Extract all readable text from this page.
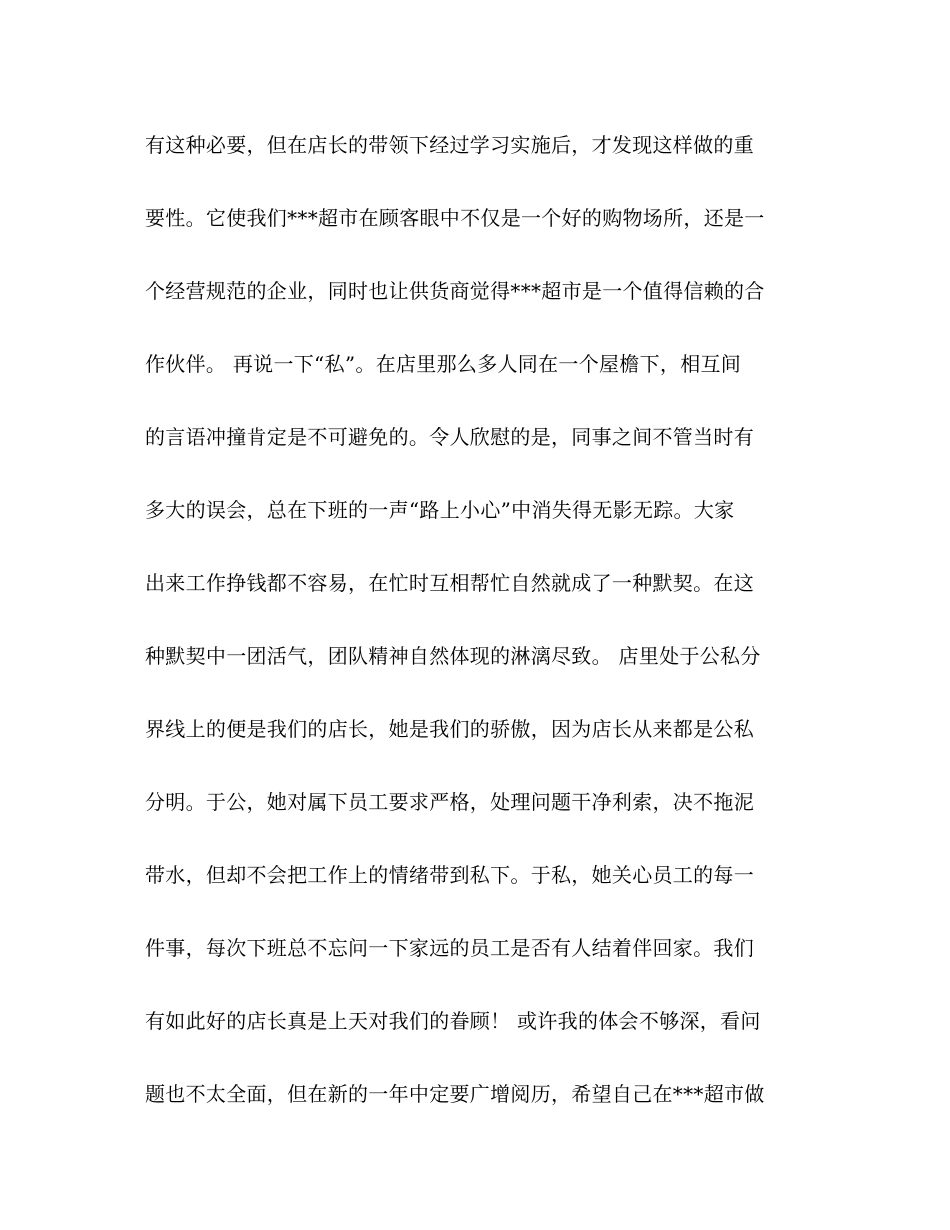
有这种必要，但在店长的带领下经过学习实施后，才发现这样做的重
要性。它使我们***超市在顾客眼中不仅是一个好的购物场所，还是一
个经营规范的企业，同时也让供货商觉得***超市是一个值得信赖的合
作伙伴。 再说一下“私”。在店里那么多人同在一个屋檐下，相互间
的言语冲撞肯定是不可避免的。令人欣慰的是，同事之间不管当时有
多大的误会，总在下班的一声“路上小心”中消失得无影无踪。大家
出来工作挣钱都不容易，在忙时互相帮忙自然就成了一种默契。在这
种默契中一团活气，团队精神自然体现的淋漓尽致。 店里处于公私分
界线上的便是我们的店长，她是我们的骄傲，因为店长从来都是公私
分明。于公，她对属下员工要求严格，处理问题干净利索，决不拖泥
带水，但却不会把工作上的情绪带到私下。于私，她关心员工的每一
件事，每次下班总不忘问一下家远的员工是否有人结着伴回家。我们
有如此好的店长真是上天对我们的眷顾！ 或许我的体会不够深，看问
题也不太全面，但在新的一年中定要广增阅历，希望自己在***超市做
